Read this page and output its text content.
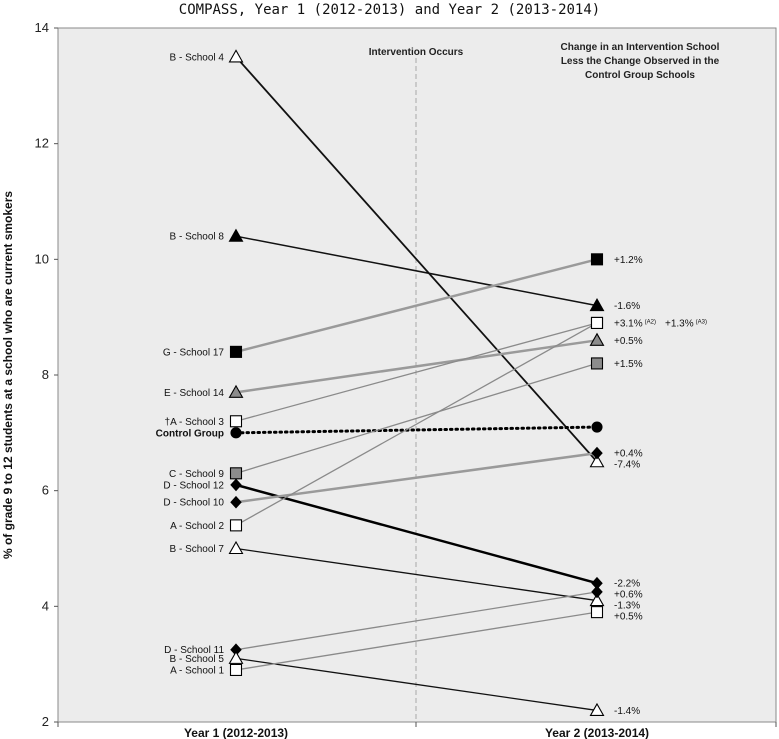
COMPASS, Year 1 (2012-2013) and Year 2 (2013-2014)
2
4
6
8
10
12
14
% of grade 9 to 12 students at a school who are current smokers
Year 1 (2012-2013)	Year 2 (2013-2014)
Intervention Occurs	Change in an Intervention School
Less the Change Observed in the
Control Group Schools
B - School 4
B - School 8
G - School 17
E - School 14
†A - School 3
Control Group
C - School 9
D - School 12
D - School 10
A - School 2
B - School 7
D - School 11
B - School 5
A - School 1
+1.2%
-1.6%
+3.1% $^{(A2)}$ +1.3% $^{(A3)}$
+0.5%
+1.5%
+0.4%
-7.4%
-2.2%
+0.6%
-1.3%
+0.5%
-1.4%
